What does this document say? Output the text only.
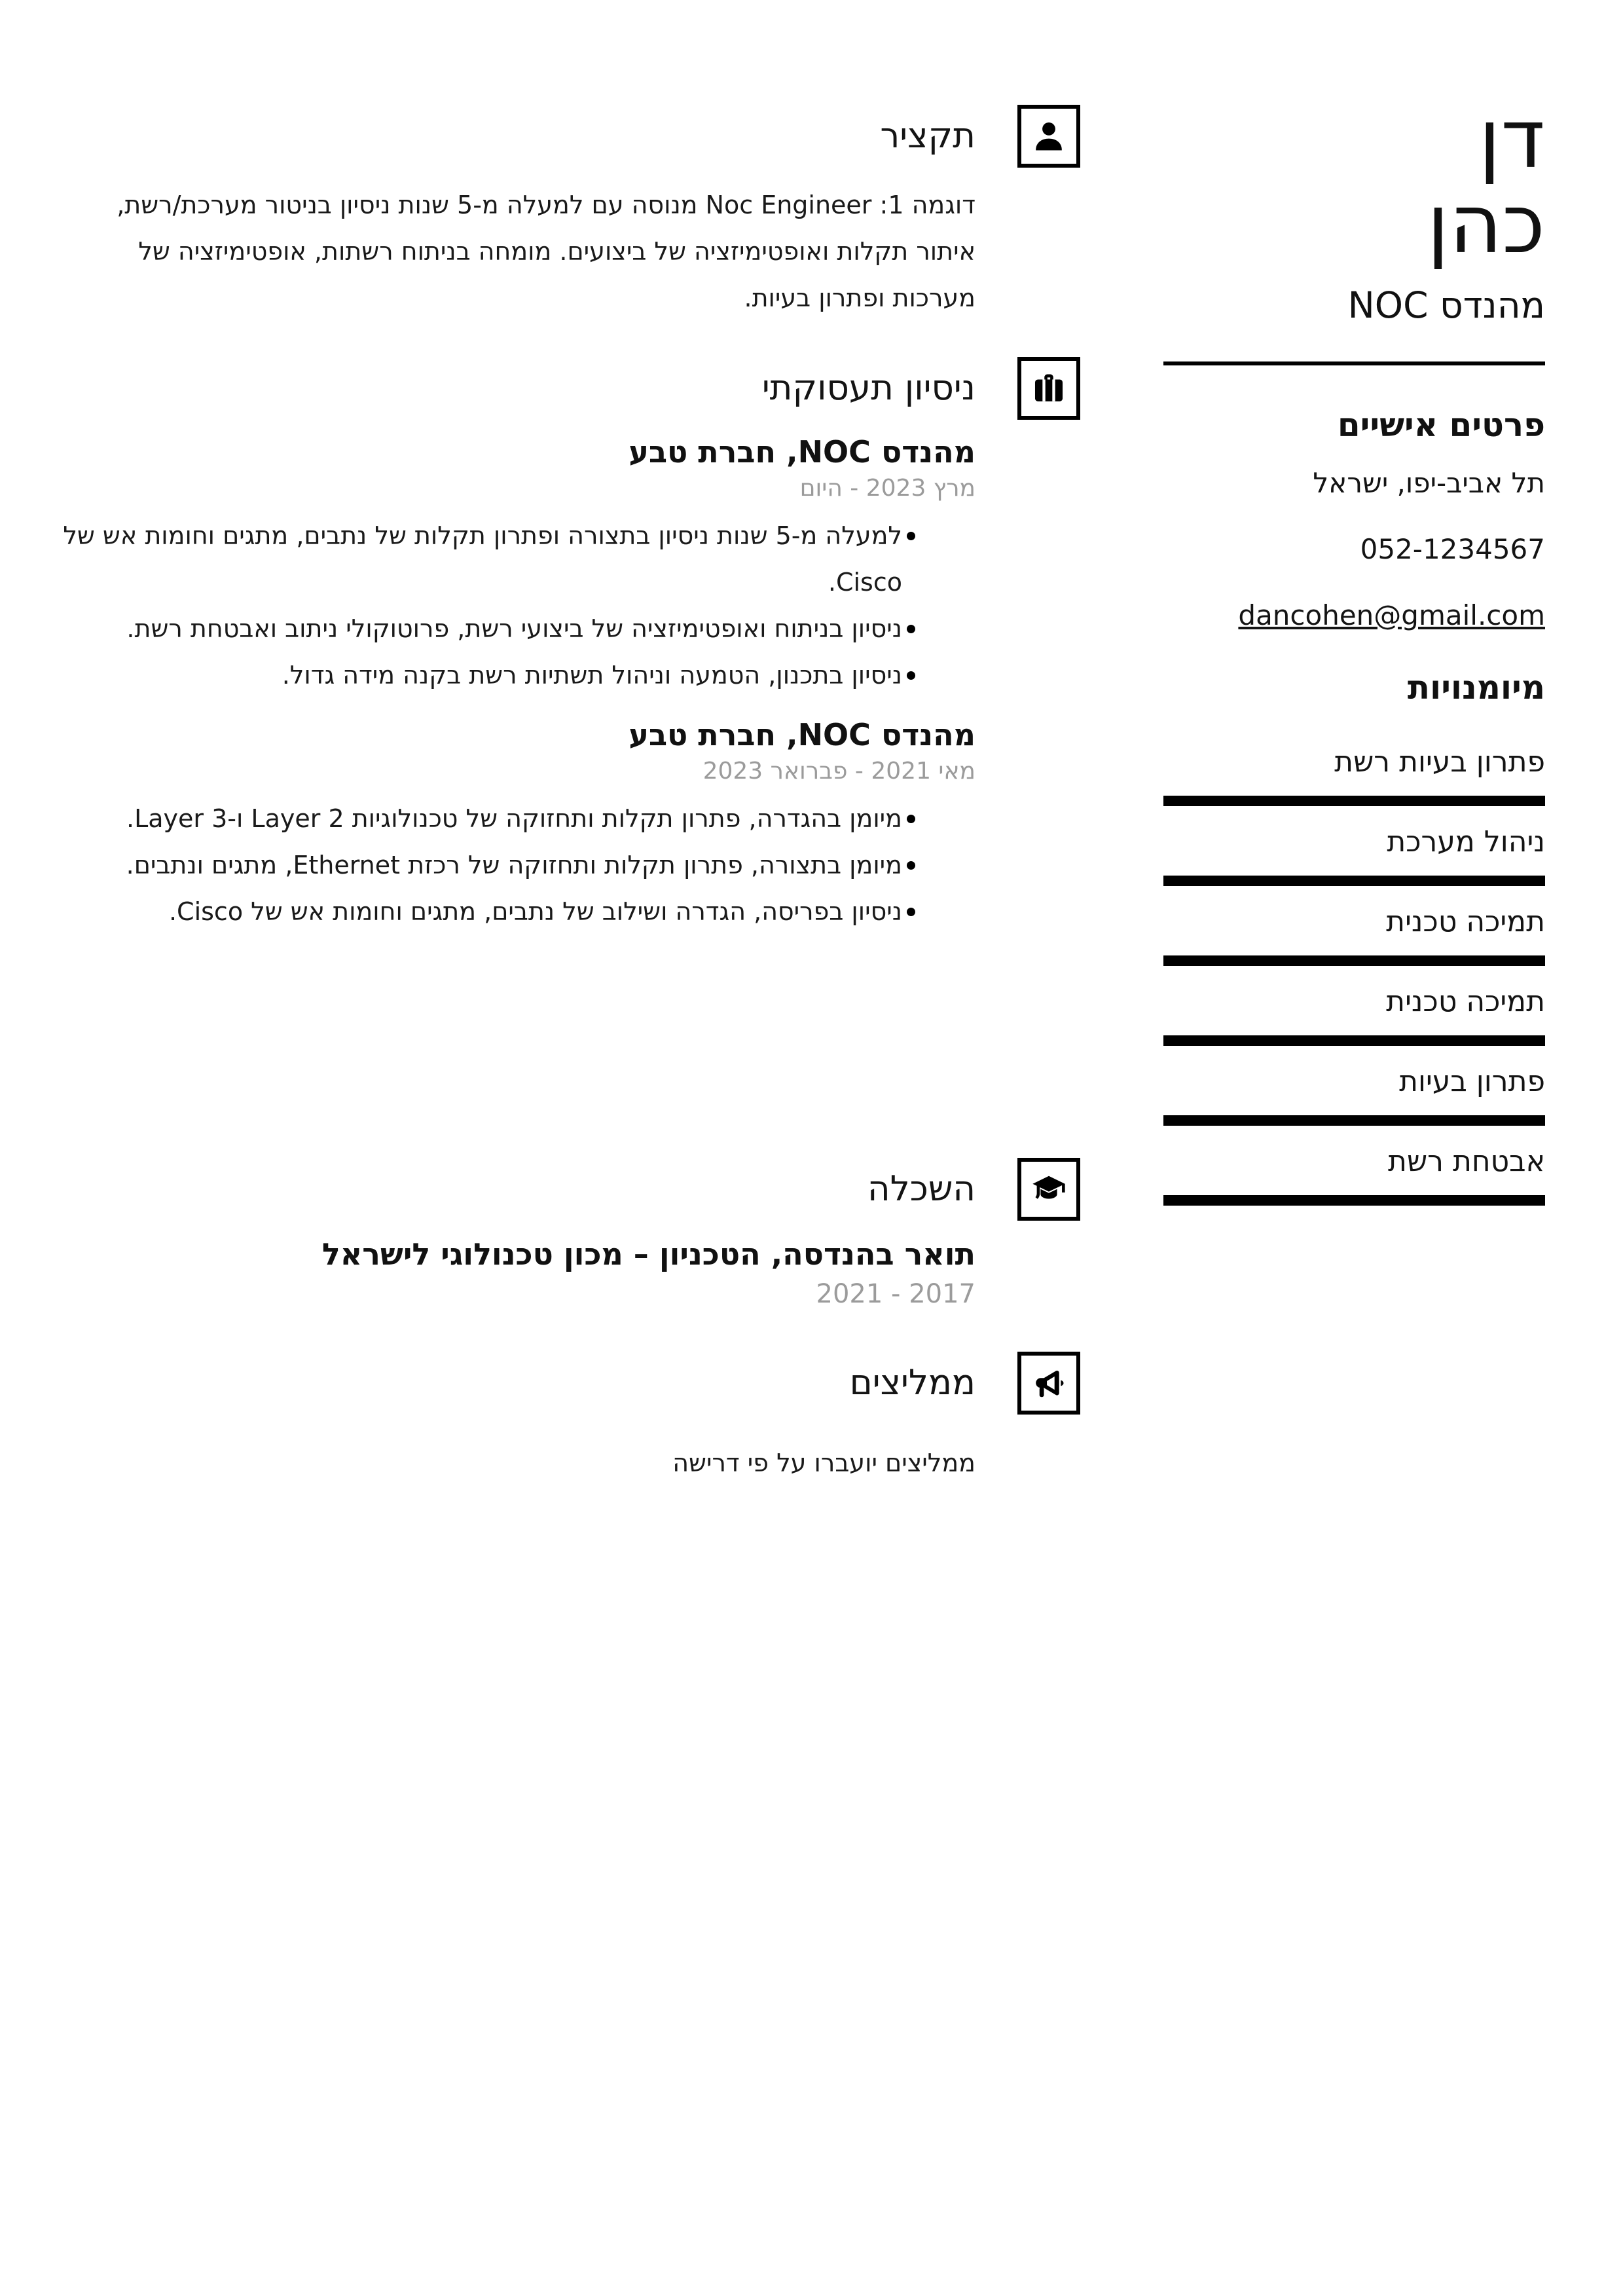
דן
כהן
מהנדס NOC
פרטים אישיים
תל אביב-יפו, ישראל
052-1234567
dancohen@gmail.com
מיומנויות
פתרון בעיות רשת
ניהול מערכת
תמיכה טכנית
תמיכה טכנית
פתרון בעיות
אבטחת רשת
תקציר

דוגמה 1: Noc Engineer מנוסה עם למעלה מ-5 שנות ניסיון בניטור מערכת/רשת, איתור תקלות ואופטימיזציה של ביצועים. מומחה בניתוח רשתות, אופטימיזציה של מערכות ופתרון בעיות.

ניסיון תעסוקתי
מהנדס NOC, חברת טבע
מרץ 2023 - היום
למעלה מ-5 שנות ניסיון בתצורה ופתרון תקלות של נתבים, מתגים וחומות אש של Cisco.
ניסיון בניתוח ואופטימיזציה של ביצועי רשת, פרוטוקולי ניתוב ואבטחת רשת.
ניסיון בתכנון, הטמעה וניהול תשתיות רשת בקנה מידה גדול.
מהנדס NOC, חברת טבע
מאי 2021 - פברואר 2023
מיומן בהגדרה, פתרון תקלות ותחזוקה של טכנולוגיות Layer 2 ו-Layer 3.
מיומן בתצורה, פתרון תקלות ותחזוקה של רכזת Ethernet, מתגים ונתבים.
ניסיון בפריסה, הגדרה ושילוב של נתבים, מתגים וחומות אש של Cisco.
השכלה
תואר בהנדסה, הטכניון – מכון טכנולוגי לישראל
2017 - 2021
ממליצים

ממליצים יועברו על פי דרישה
